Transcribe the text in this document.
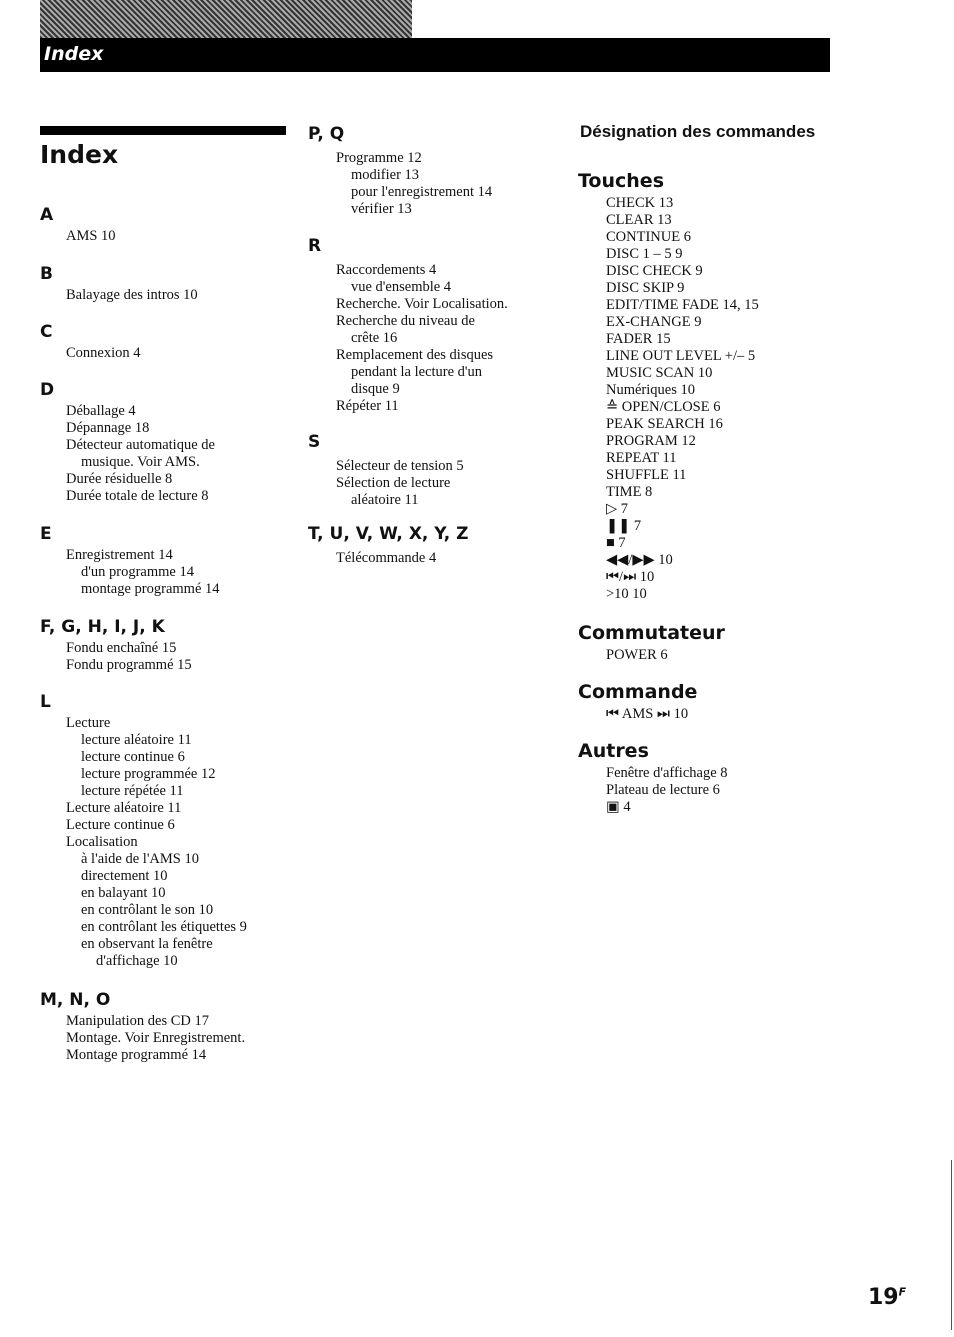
Index
Index
Désignation des commandes
$19^F$
A
AMS 10
B
Balayage des intros 10
C
Connexion 4
D
Déballage 4
Dépannage 18
Détecteur automatique de
musique. Voir AMS.
Durée résiduelle 8
Durée totale de lecture 8
E
Enregistrement 14
d'un programme 14
montage programmé 14
F, G, H, I, J, K
Fondu enchaîné 15
Fondu programmé 15
L
Lecture
lecture aléatoire 11
lecture continue 6
lecture programmée 12
lecture répétée 11
Lecture aléatoire 11
Lecture continue 6
Localisation
à l'aide de l'AMS 10
directement 10
en balayant 10
en contrôlant le son 10
en contrôlant les étiquettes 9
en observant la fenêtre
d'affichage 10
M, N, O
Manipulation des CD 17
Montage. Voir Enregistrement.
Montage programmé 14
P, Q
Programme 12
modifier 13
pour l'enregistrement 14
vérifier 13
R
Raccordements 4
vue d'ensemble 4
Recherche. Voir Localisation.
Recherche du niveau de
crête 16
Remplacement des disques
pendant la lecture d'un
disque 9
Répéter 11
S
Sélecteur de tension 5
Sélection de lecture
aléatoire 11
T, U, V, W, X, Y, Z
Télécommande 4
Touches
CHECK 13
CLEAR 13
CONTINUE 6
DISC 1 – 5 9
DISC CHECK 9
DISC SKIP 9
EDIT/TIME FADE 14, 15
EX-CHANGE 9
FADER 15
LINE OUT LEVEL +/– 5
MUSIC SCAN 10
Numériques 10
≙ OPEN/CLOSE 6
PEAK SEARCH 16
PROGRAM 12
REPEAT 11
SHUFFLE 11
TIME 8
▷ 7
❚❚ 7
■ 7
◀◀/▶▶ 10
⏮/⏭ 10
>10 10
Commutateur
POWER 6
Commande
⏮ AMS ⏭ 10
Autres
Fenêtre d'affichage 8
Plateau de lecture 6
▣ 4
